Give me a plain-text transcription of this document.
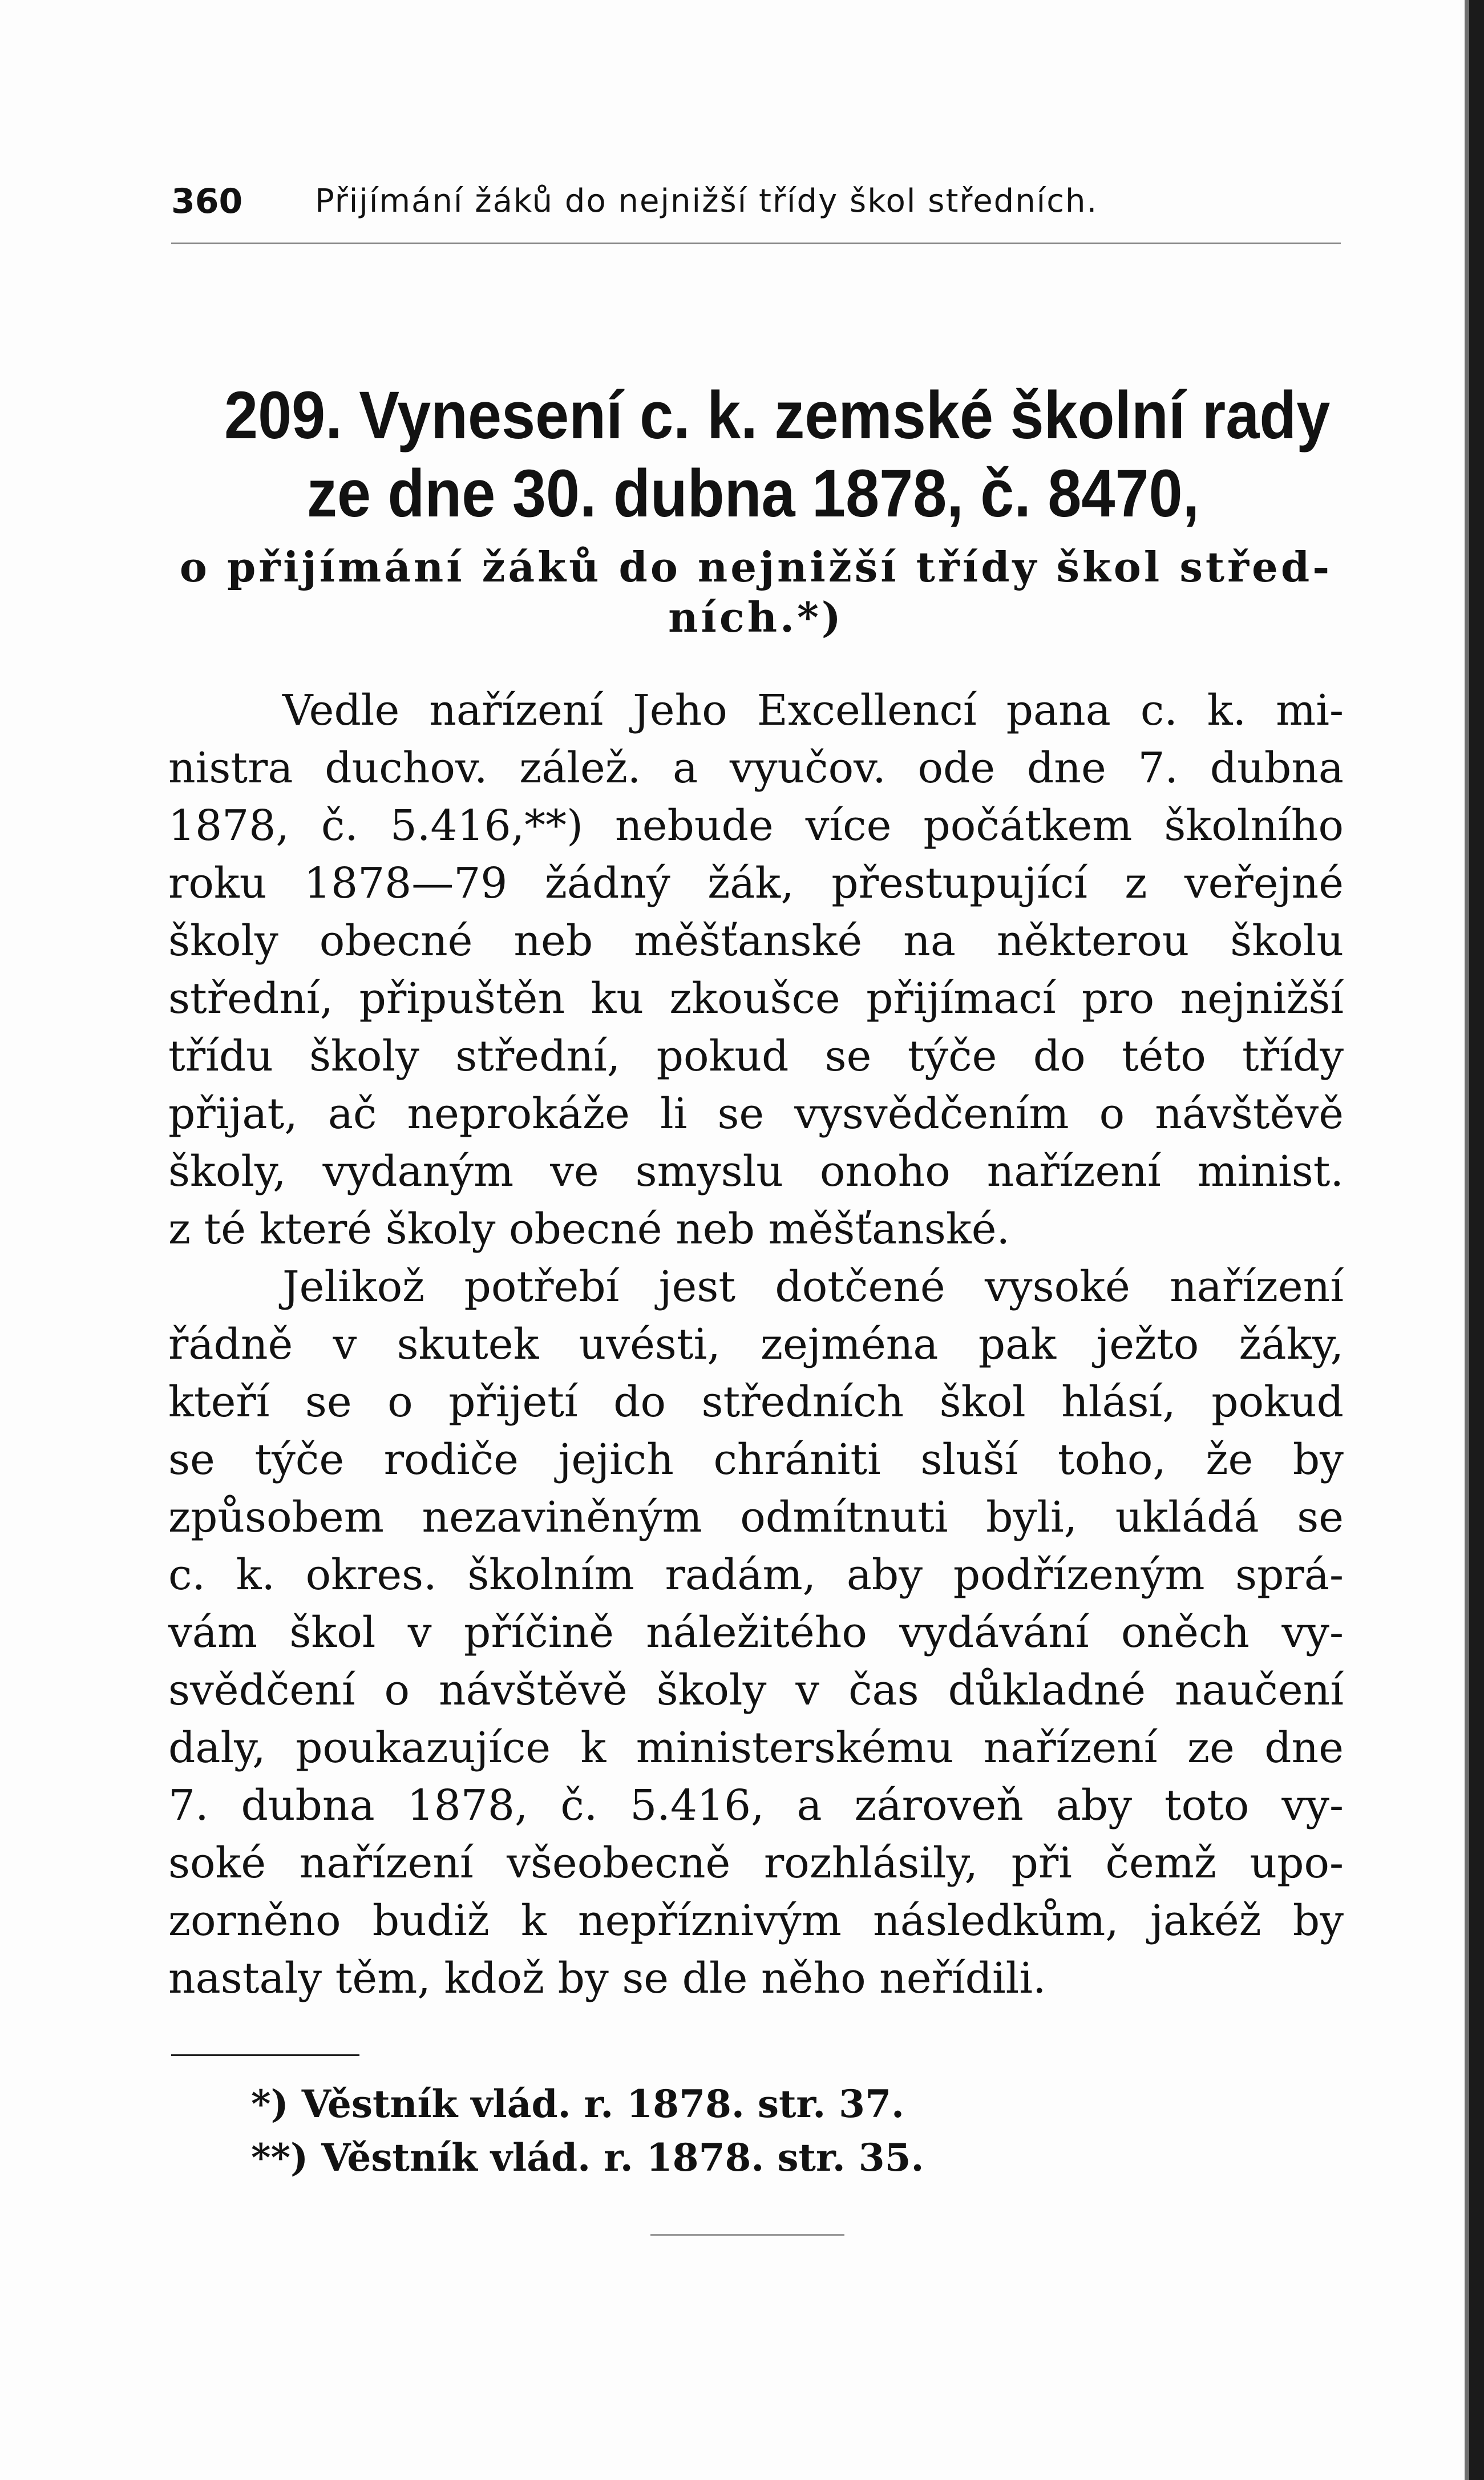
360 Přijímání žáků do nejnižší třídy škol středních.
209. Vynesení c. k. zemské školní rady
ze dne 30. dubna 1878, č. 8470,
o přijímání žáků do nejnižší třídy škol střed-
ních.*)
Vedle nařízení Jeho Excellencí pana c. k. mi-
nistra duchov. zálež. a vyučov. ode dne 7. dubna
1878, č. 5.416,**) nebude více počátkem školního
roku 1878—79 žádný žák, přestupující z veřejné
školy obecné neb měšťanské na některou školu
střední, připuštěn ku zkoušce přijímací pro nejnižší
třídu školy střední, pokud se týče do této třídy
přijat, ač neprokáže li se vysvědčením o návštěvě
školy, vydaným ve smyslu onoho nařízení minist.
z té které školy obecné neb měšťanské.
Jelikož potřebí jest dotčené vysoké nařízení
řádně v skutek uvésti, zejména pak ježto žáky,
kteří se o přijetí do středních škol hlásí, pokud
se týče rodiče jejich chrániti sluší toho, že by
způsobem nezaviněným odmítnuti byli, ukládá se
c. k. okres. školním radám, aby podřízeným sprá-
vám škol v příčině náležitého vydávání oněch vy-
svědčení o návštěvě školy v čas důkladné naučení
daly, poukazujíce k ministerskému nařízení ze dne
7. dubna 1878, č. 5.416, a zároveň aby toto vy-
soké nařízení všeobecně rozhlásily, při čemž upo-
zorněno budiž k nepříznivým následkům, jakéž by
nastaly těm, kdož by se dle něho neřídili.
*) Věstník vlád. r. 1878. str. 37.
**) Věstník vlád. r. 1878. str. 35.
